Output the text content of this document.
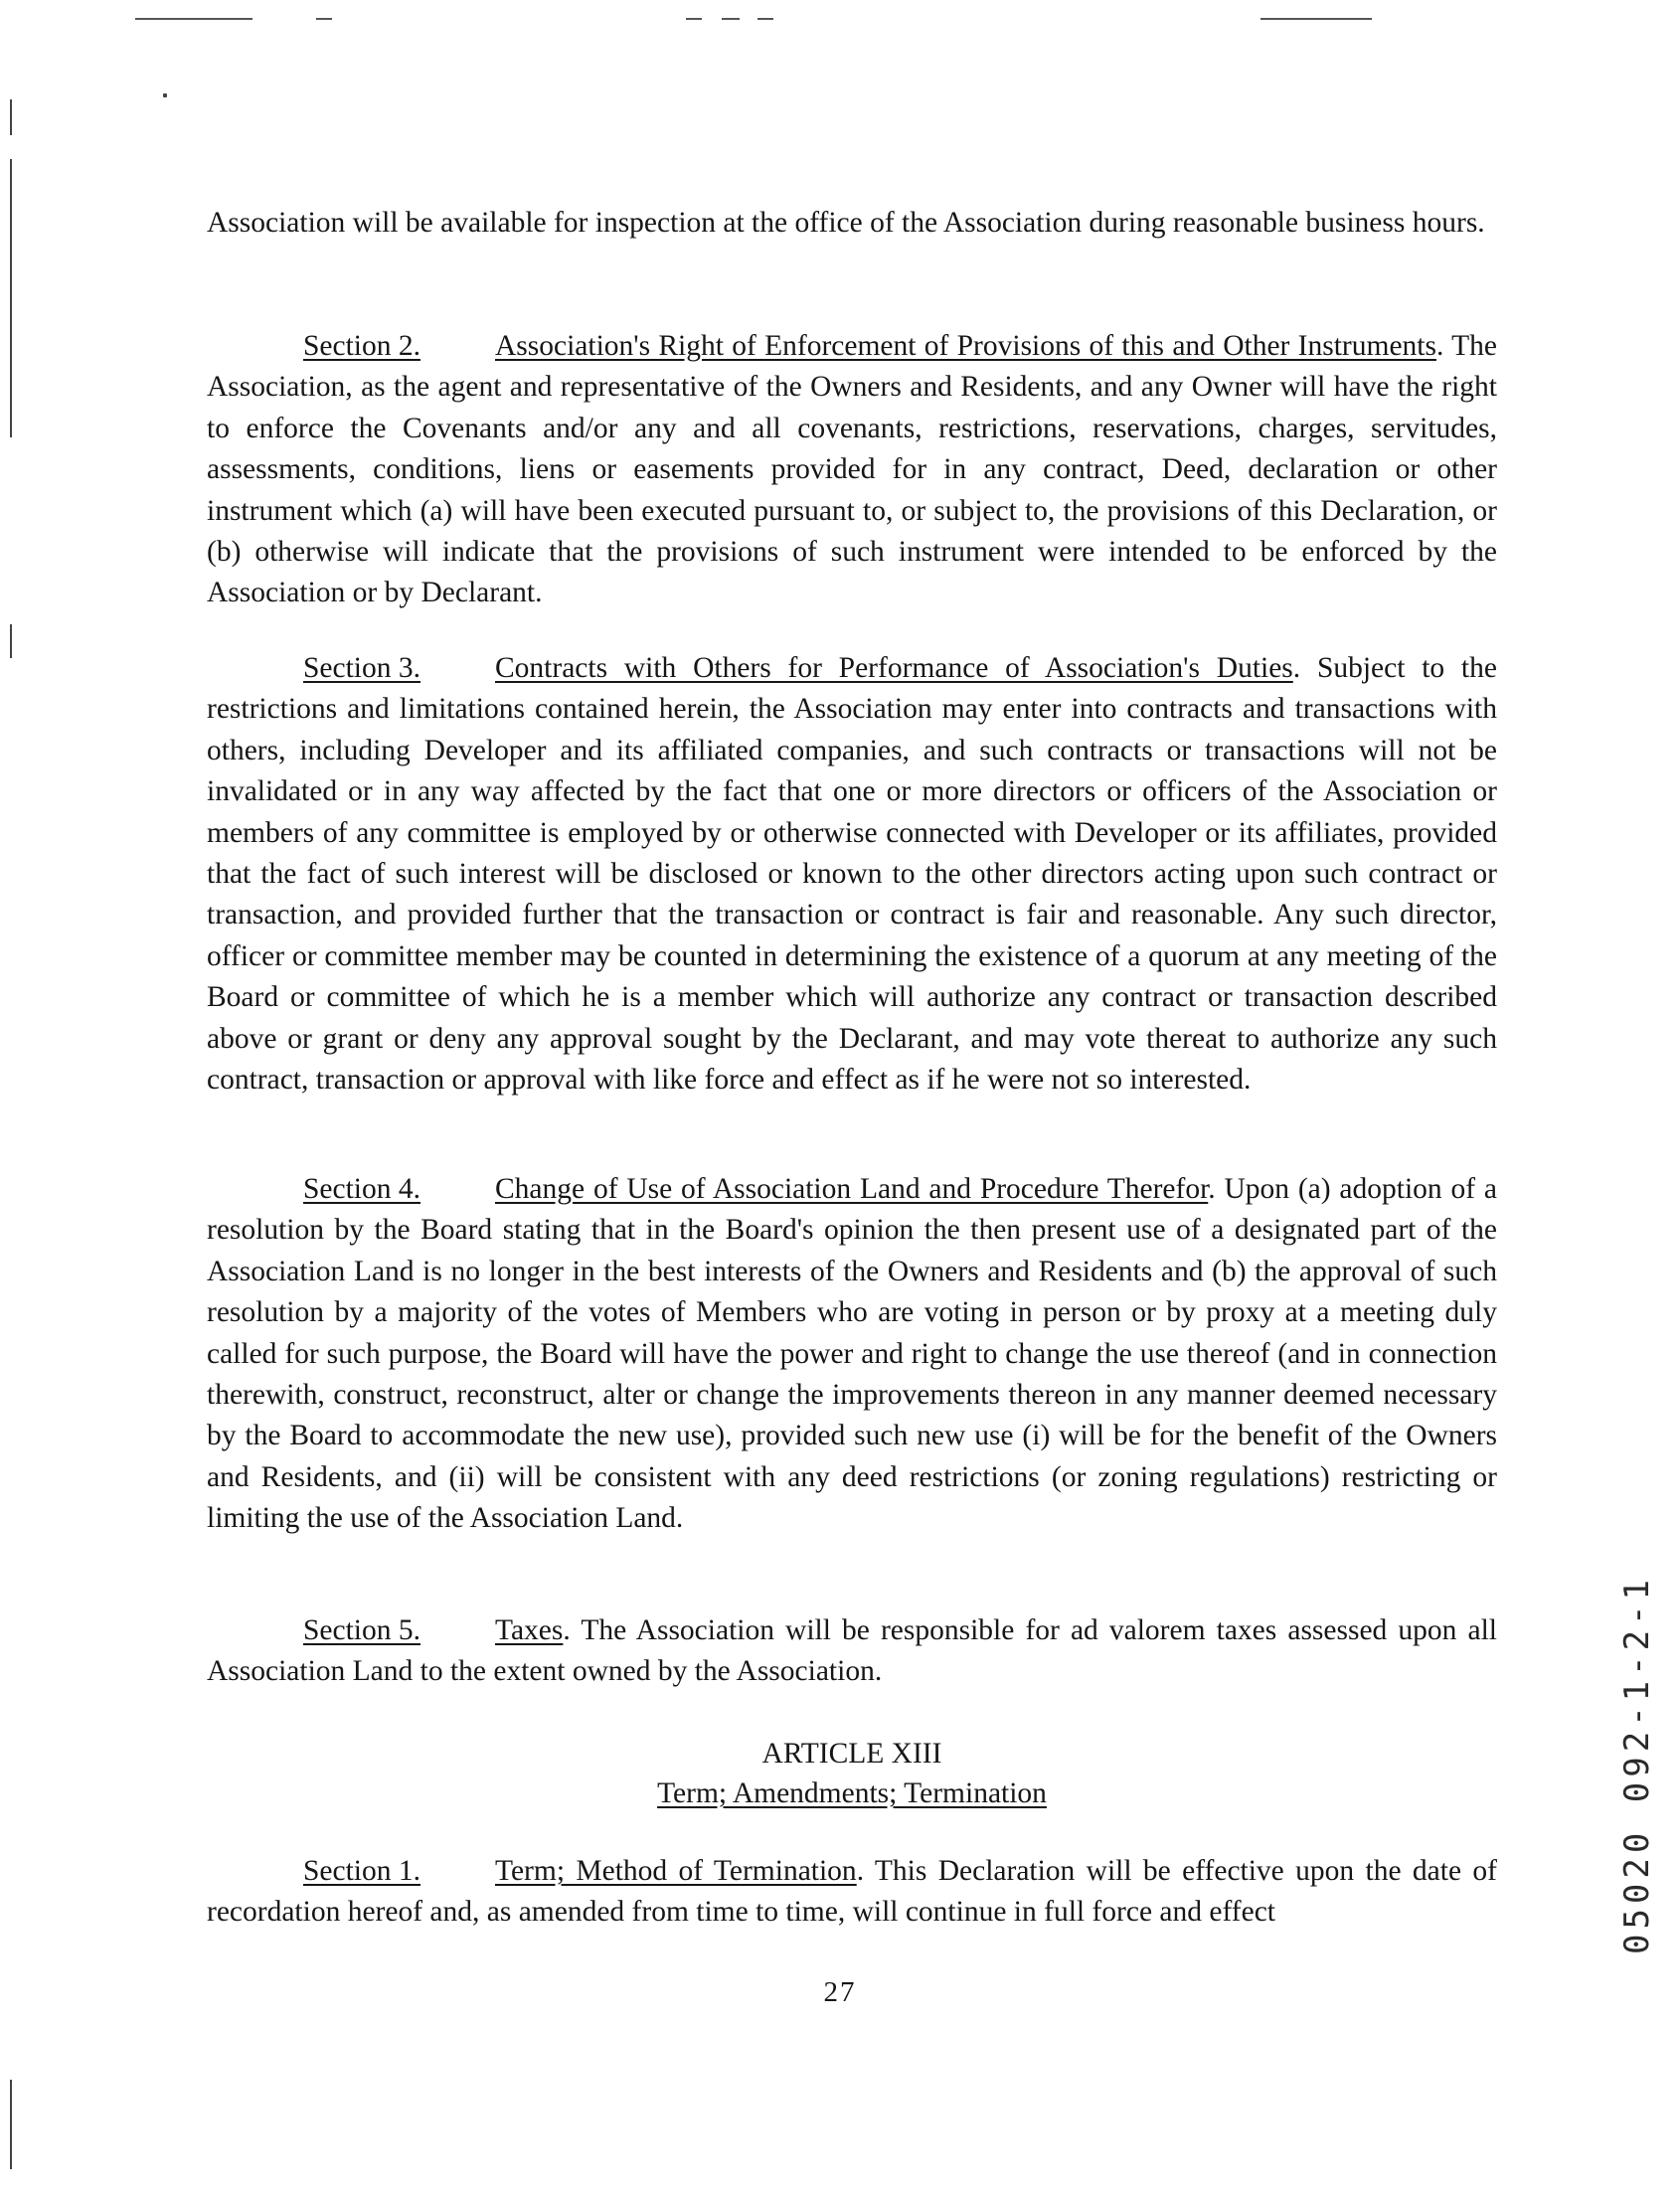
Association will be available for inspection at the office of the Association during reasonable business hours.
Section 2.	Association's Right of Enforcement of Provisions of this and Other Instruments. The Association, as the agent and representative of the Owners and Residents, and any Owner will have the right to enforce the Covenants and/or any and all covenants, restrictions, reservations, charges, servitudes, assessments, conditions, liens or easements provided for in any contract, Deed, declaration or other instrument which (a) will have been executed pursuant to, or subject to, the provisions of this Declaration, or (b) otherwise will indicate that the provisions of such instrument were intended to be enforced by the Association or by Declarant.
Section 3.	Contracts with Others for Performance of Association's Duties. Subject to the restrictions and limitations contained herein, the Association may enter into contracts and transactions with others, including Developer and its affiliated companies, and such contracts or transactions will not be invalidated or in any way affected by the fact that one or more directors or officers of the Association or members of any committee is employed by or otherwise connected with Developer or its affiliates, provided that the fact of such interest will be disclosed or known to the other directors acting upon such contract or transaction, and provided further that the transaction or contract is fair and reasonable. Any such director, officer or committee member may be counted in determining the existence of a quorum at any meeting of the Board or committee of which he is a member which will authorize any contract or transaction described above or grant or deny any approval sought by the Declarant, and may vote thereat to authorize any such contract, transaction or approval with like force and effect as if he were not so interested.
Section 4.	Change of Use of Association Land and Procedure Therefor. Upon (a) adoption of a resolution by the Board stating that in the Board's opinion the then present use of a designated part of the Association Land is no longer in the best interests of the Owners and Residents and (b) the approval of such resolution by a majority of the votes of Members who are voting in person or by proxy at a meeting duly called for such purpose, the Board will have the power and right to change the use thereof (and in connection therewith, construct, reconstruct, alter or change the improvements thereon in any manner deemed necessary by the Board to accommodate the new use), provided such new use (i) will be for the benefit of the Owners and Residents, and (ii) will be consistent with any deed restrictions (or zoning regulations) restricting or limiting the use of the Association Land.
Section 5.	Taxes. The Association will be responsible for ad valorem taxes assessed upon all Association Land to the extent owned by the Association.
ARTICLE XIII
Term; Amendments; Termination
Section 1.	Term; Method of Termination. This Declaration will be effective upon the date of recordation hereof and, as amended from time to time, will continue in full force and effect
27
05020 092-1-2-1
